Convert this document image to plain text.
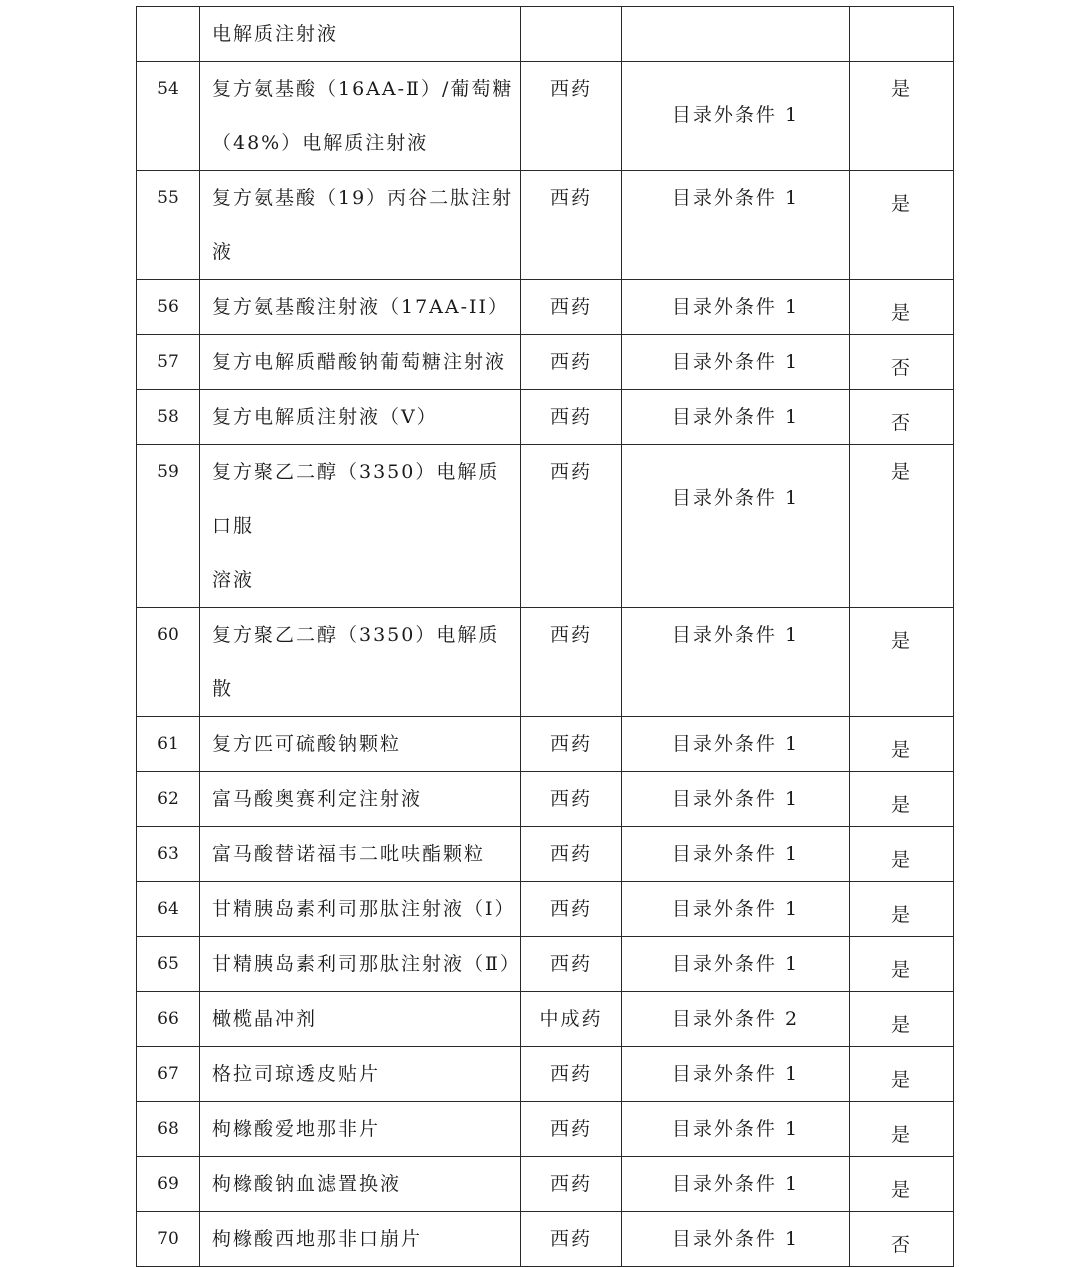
	电解质注射液			
54	复方氨基酸（16AA-Ⅱ）/葡萄糖
（48%）电解质注射液	西药	目录外条件 1	是

55	复方氨基酸（19）丙谷二肽注射液	西药	目录外条件 1	是

56	复方氨基酸注射液（17AA-II）	西药	目录外条件 1	是

57	复方电解质醋酸钠葡萄糖注射液	西药	目录外条件 1	否

58	复方电解质注射液（V）	西药	目录外条件 1	否

59	复方聚乙二醇（3350）电解质口服
溶液	西药	目录外条件 1	是

60	复方聚乙二醇（3350）电解质散	西药	目录外条件 1	是

61	复方匹可硫酸钠颗粒	西药	目录外条件 1	是

62	富马酸奥赛利定注射液	西药	目录外条件 1	是

63	富马酸替诺福韦二吡呋酯颗粒	西药	目录外条件 1	是

64	甘精胰岛素利司那肽注射液（Ⅰ）	西药	目录外条件 1	是

65	甘精胰岛素利司那肽注射液（Ⅱ）	西药	目录外条件 1	是

66	橄榄晶冲剂	中成药	目录外条件 2	是

67	格拉司琼透皮贴片	西药	目录外条件 1	是

68	枸橼酸爱地那非片	西药	目录外条件 1	是

69	枸橼酸钠血滤置换液	西药	目录外条件 1	是

70	枸橼酸西地那非口崩片	西药	目录外条件 1	否
